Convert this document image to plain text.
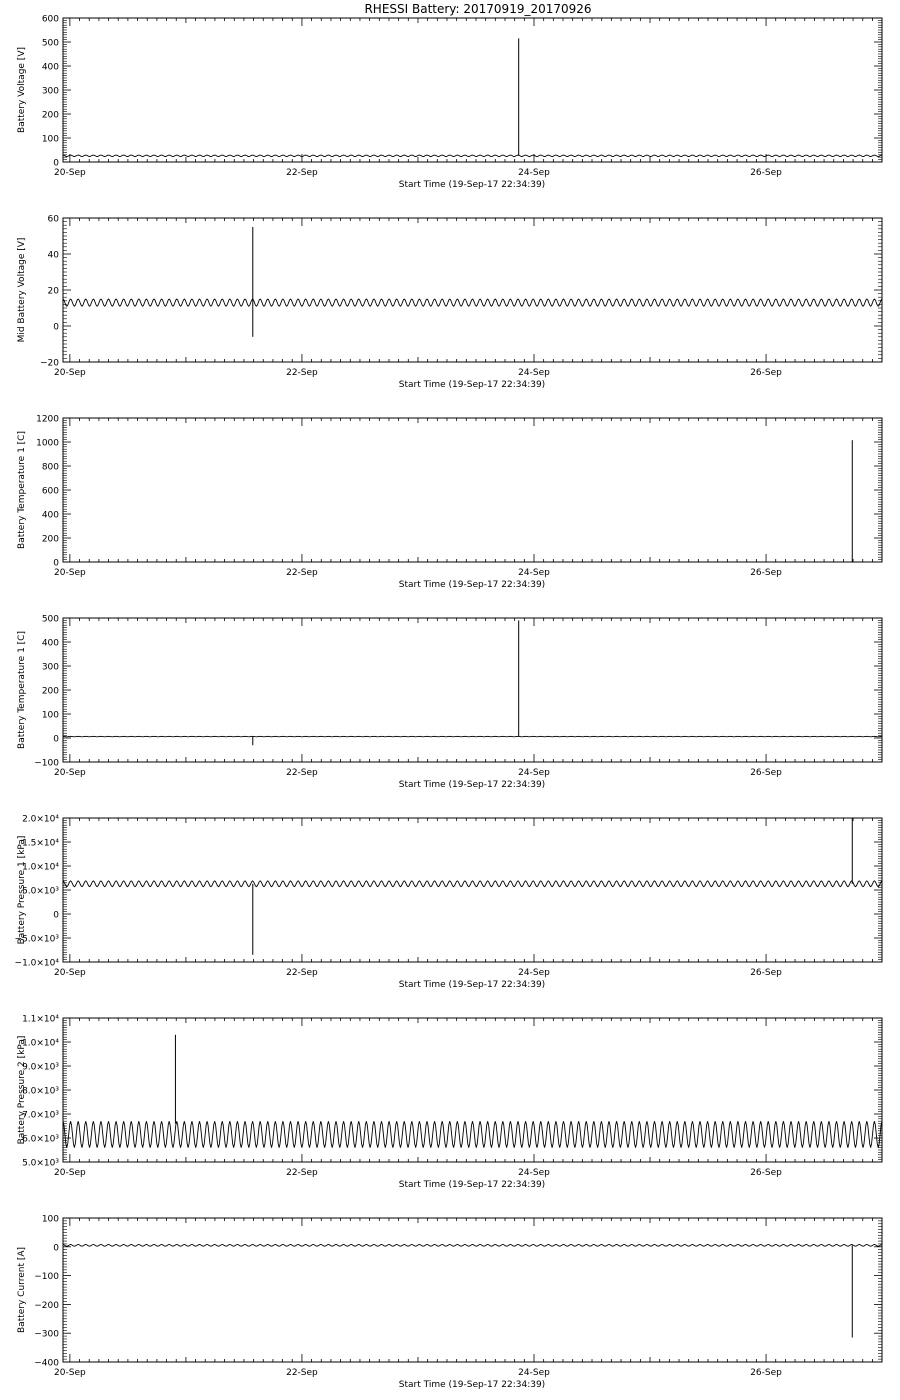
RHESSI Battery: 20170919_20170926
20-Sep	22-Sep	24-Sep	26-Sep
0
100
200
300
400
500
600
Start Time (19-Sep-17 22:34:39)
Battery Voltage [V]
20-Sep	22-Sep	24-Sep	26-Sep
−20
0
20
40
60
Start Time (19-Sep-17 22:34:39)
Mid Battery Voltage [V]
20-Sep	22-Sep	24-Sep	26-Sep
0
200
400
600
800
1000
1200
Start Time (19-Sep-17 22:34:39)
Battery Temperature 1 [C]
20-Sep	22-Sep	24-Sep	26-Sep
−100
0
100
200
300
400
500
Start Time (19-Sep-17 22:34:39)
Battery Temperature 1 [C]
20-Sep	22-Sep	24-Sep	26-Sep
−1.0×10⁴
−5.0×10³
0
5.0×10³
1.0×10⁴
1.5×10⁴
2.0×10⁴
Start Time (19-Sep-17 22:34:39)
Battery Pressure 1 [kPa]
20-Sep	22-Sep	24-Sep	26-Sep
5.0×10³
6.0×10³
7.0×10³
8.0×10³
9.0×10³
1.0×10⁴
1.1×10⁴
Start Time (19-Sep-17 22:34:39)
Battery Pressure 2 [kPa]
20-Sep	22-Sep	24-Sep	26-Sep
−400
−300
−200
−100
0
100
Start Time (19-Sep-17 22:34:39)
Battery Current [A]
